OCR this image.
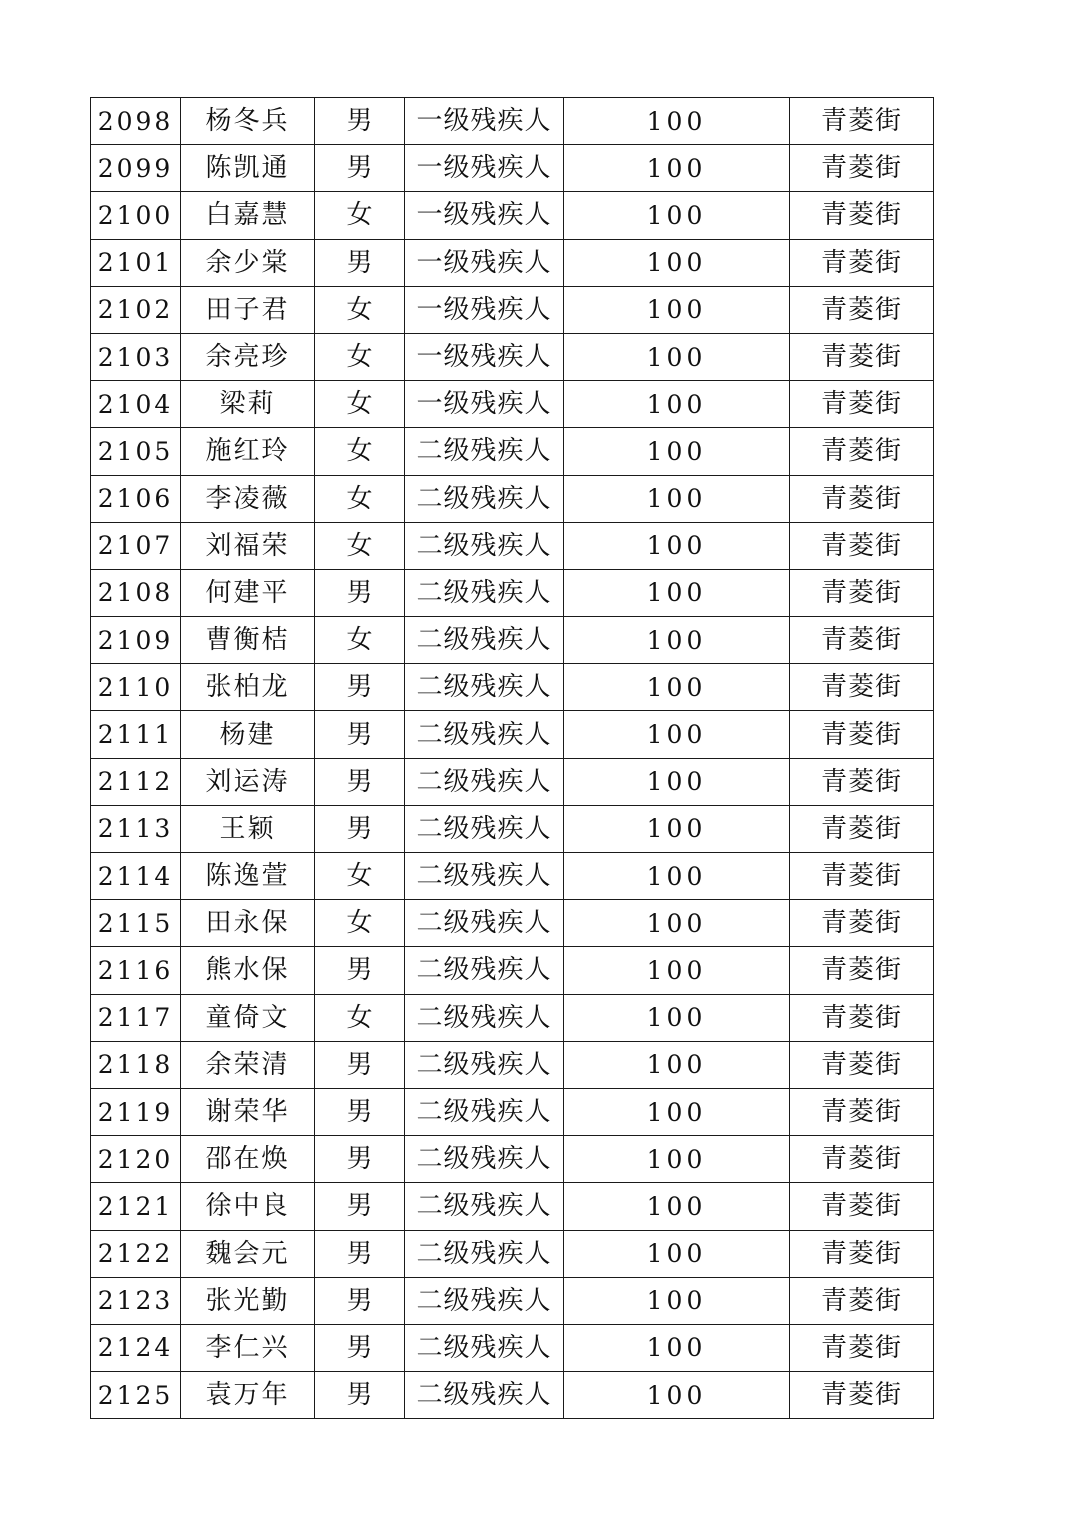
2098	杨冬兵	男	一级残疾人	100	青菱街
2099	陈凯通	男	一级残疾人	100	青菱街
2100	白嘉慧	女	一级残疾人	100	青菱街
2101	余少棠	男	一级残疾人	100	青菱街
2102	田子君	女	一级残疾人	100	青菱街
2103	余亮珍	女	一级残疾人	100	青菱街
2104	梁莉	女	一级残疾人	100	青菱街
2105	施红玲	女	二级残疾人	100	青菱街
2106	李凌薇	女	二级残疾人	100	青菱街
2107	刘福荣	女	二级残疾人	100	青菱街
2108	何建平	男	二级残疾人	100	青菱街
2109	曹衡桔	女	二级残疾人	100	青菱街
2110	张柏龙	男	二级残疾人	100	青菱街
2111	杨建	男	二级残疾人	100	青菱街
2112	刘运涛	男	二级残疾人	100	青菱街
2113	王颖	男	二级残疾人	100	青菱街
2114	陈逸萱	女	二级残疾人	100	青菱街
2115	田永保	女	二级残疾人	100	青菱街
2116	熊水保	男	二级残疾人	100	青菱街
2117	童倚文	女	二级残疾人	100	青菱街
2118	余荣清	男	二级残疾人	100	青菱街
2119	谢荣华	男	二级残疾人	100	青菱街
2120	邵在焕	男	二级残疾人	100	青菱街
2121	徐中良	男	二级残疾人	100	青菱街
2122	魏会元	男	二级残疾人	100	青菱街
2123	张光勤	男	二级残疾人	100	青菱街
2124	李仁兴	男	二级残疾人	100	青菱街
2125	袁万年	男	二级残疾人	100	青菱街
